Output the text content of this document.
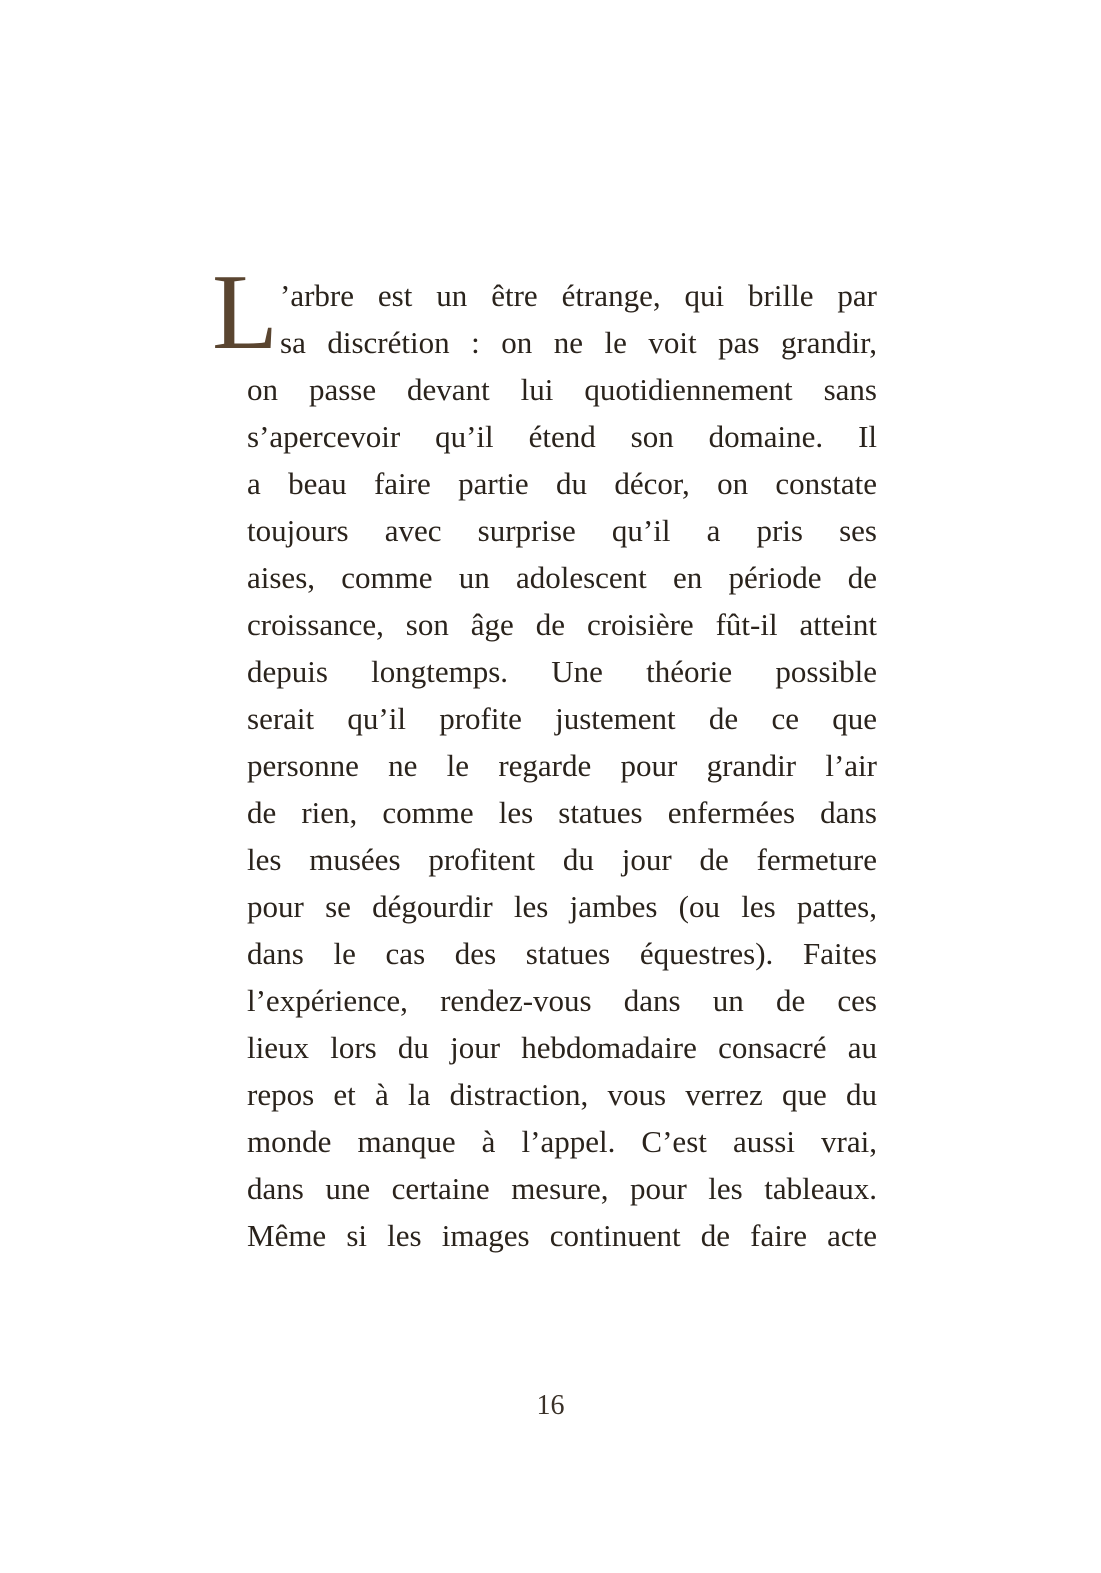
L ’arbre est un être étrange, qui brille par
sa discrétion : on ne le voit pas grandir,
on passe devant lui quotidiennement sans
s’apercevoir qu’il étend son domaine. Il
a beau faire partie du décor, on constate
toujours avec surprise qu’il a pris ses
aises, comme un adolescent en période de
croissance, son âge de croisière fût-il atteint
depuis longtemps. Une théorie possible
serait qu’il profite justement de ce que
personne ne le regarde pour grandir l’air
de rien, comme les statues enfermées dans
les musées profitent du jour de fermeture
pour se dégourdir les jambes (ou les pattes,
dans le cas des statues équestres). Faites
l’expérience, rendez-vous dans un de ces
lieux lors du jour hebdomadaire consacré au
repos et à la distraction, vous verrez que du
monde manque à l’appel. C’est aussi vrai,
dans une certaine mesure, pour les tableaux.
Même si les images continuent de faire acte
16
